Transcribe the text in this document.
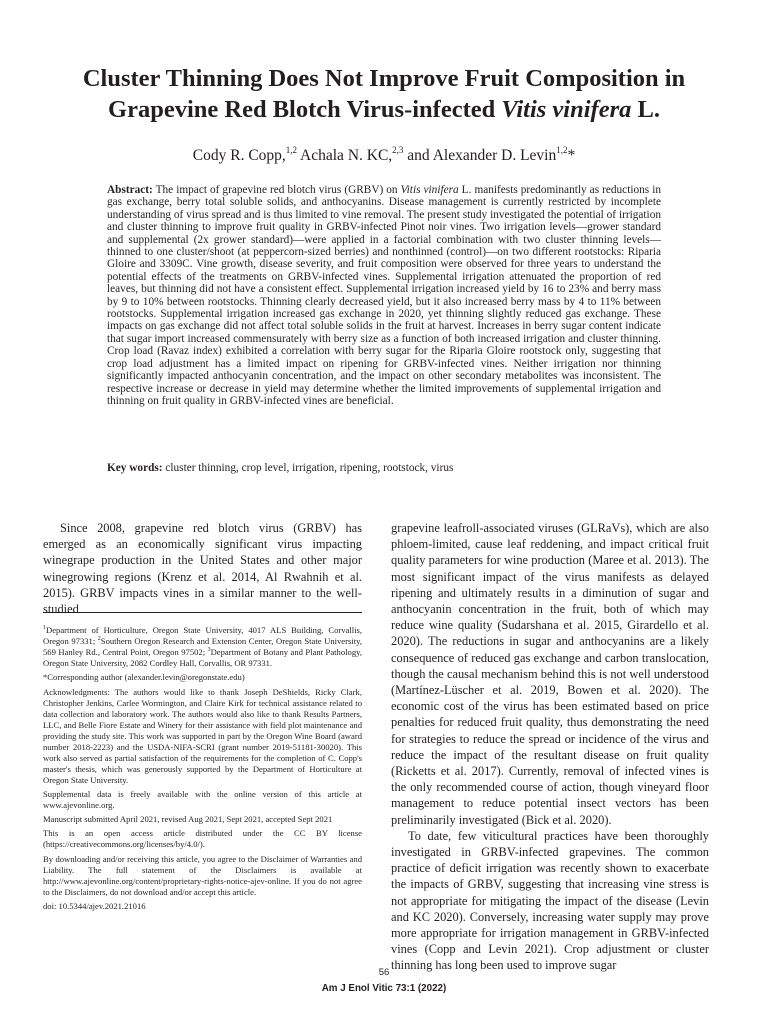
Cluster Thinning Does Not Improve Fruit Composition in
Grapevine Red Blotch Virus-infected Vitis vinifera L.
Cody R. Copp,$^{1,2}$ Achala N. KC,$^{2,3}$ and Alexander D. Levin$^{1,2}$*
Abstract: The impact of grapevine red blotch virus (GRBV) on Vitis vinifera L. manifests predominantly as reductions in gas exchange, berry total soluble solids, and anthocyanins. Disease management is currently restricted by incomplete understanding of virus spread and is thus limited to vine removal. The present study investigated the potential of irrigation and cluster thinning to improve fruit quality in GRBV-infected Pinot noir vines. Two irrigation levels—grower standard and supplemental (2x grower standard)—were applied in a factorial combination with two cluster thinning levels—thinned to one cluster/shoot (at peppercorn-sized berries) and nonthinned (control)—on two different rootstocks: Riparia Gloire and 3309C. Vine growth, disease severity, and fruit composition were observed for three years to understand the potential effects of the treatments on GRBV-infected vines. Supplemental irrigation attenuated the proportion of red leaves, but thinning did not have a consistent effect. Supplemental irrigation increased yield by 16 to 23% and berry mass by 9 to 10% between rootstocks. Thinning clearly decreased yield, but it also increased berry mass by 4 to 11% between rootstocks. Supplemental irrigation increased gas exchange in 2020, yet thinning slightly reduced gas exchange. These impacts on gas exchange did not affect total soluble solids in the fruit at harvest. Increases in berry sugar content indicate that sugar import increased commensurately with berry size as a function of both increased irrigation and cluster thinning. Crop load (Ravaz index) exhibited a correlation with berry sugar for the Riparia Gloire rootstock only, suggesting that crop load adjustment has a limited impact on ripening for GRBV-infected vines. Neither irrigation nor thinning significantly impacted anthocyanin concentration, and the impact on other secondary metabolites was inconsistent. The respective increase or decrease in yield may determine whether the limited improvements of supplemental irrigation and thinning on fruit quality in GRBV-infected vines are beneficial.
Key words: cluster thinning, crop level, irrigation, ripening, rootstock, virus

Since 2008, grapevine red blotch virus (GRBV) has emerged as an economically significant virus impacting winegrape production in the United States and other major winegrowing regions (Krenz et al. 2014, Al Rwahnih et al. 2015). GRBV impacts vines in a similar manner to the well-studied

$^1$Department of Horticulture, Oregon State University, 4017 ALS Building, Corvallis, Oregon 97331; $^2$Southern Oregon Research and Extension Center, Oregon State University, 569 Hanley Rd., Central Point, Oregon 97502; $^3$Department of Botany and Plant Pathology, Oregon State University, 2082 Cordley Hall, Corvallis, OR 97331.

*Corresponding author (alexander.levin@oregonstate.edu)

Acknowledgments: The authors would like to thank Joseph DeShields, Ricky Clark, Christopher Jenkins, Carlee Wormington, and Claire Kirk for technical assistance related to data collection and laboratory work. The authors would also like to thank Results Partners, LLC, and Belle Fiore Estate and Winery for their assistance with field plot maintenance and providing the study site. This work was supported in part by the Oregon Wine Board (award number 2018-2223) and the USDA-NIFA-SCRI (grant number 2019-51181-30020). This work also served as partial satisfaction of the requirements for the completion of C. Copp's master's thesis, which was generously supported by the Department of Horticulture at Oregon State University.

Supplemental data is freely available with the online version of this article at www.ajevonline.org.

Manuscript submitted April 2021, revised Aug 2021, Sept 2021, accepted Sept 2021

This is an open access article distributed under the CC BY license (https://creativecommons.org/licenses/by/4.0/).

By downloading and/or receiving this article, you agree to the Disclaimer of Warranties and Liability. The full statement of the Disclaimers is available at http://www.ajevonline.org/content/proprietary-rights-notice-ajev-online. If you do not agree to the Disclaimers, do not download and/or accept this article.

doi: 10.5344/ajev.2021.21016

grapevine leafroll-associated viruses (GLRaVs), which are also phloem-limited, cause leaf reddening, and impact critical fruit quality parameters for wine production (Maree et al. 2013). The most significant impact of the virus manifests as delayed ripening and ultimately results in a diminution of sugar and anthocyanin concentration in the fruit, both of which may reduce wine quality (Sudarshana et al. 2015, Girardello et al. 2020). The reductions in sugar and anthocyanins are a likely consequence of reduced gas exchange and carbon translocation, though the causal mechanism behind this is not well understood (Martínez-Lüscher et al. 2019, Bowen et al. 2020). The economic cost of the virus has been estimated based on price penalties for reduced fruit quality, thus demonstrating the need for strategies to reduce the spread or incidence of the virus and reduce the impact of the resultant disease on fruit quality (Ricketts et al. 2017). Currently, removal of infected vines is the only recommended course of action, though vineyard floor management to reduce potential insect vectors has been preliminarily investigated (Bick et al. 2020).

To date, few viticultural practices have been thoroughly investigated in GRBV-infected grapevines. The common practice of deficit irrigation was recently shown to exacerbate the impacts of GRBV, suggesting that increasing vine stress is not appropriate for mitigating the impact of the disease (Levin and KC 2020). Conversely, increasing water supply may prove more appropriate for irrigation management in GRBV-infected vines (Copp and Levin 2021). Crop adjustment or cluster thinning has long been used to improve sugar

56
Am J Enol Vitic 73:1 (2022)
